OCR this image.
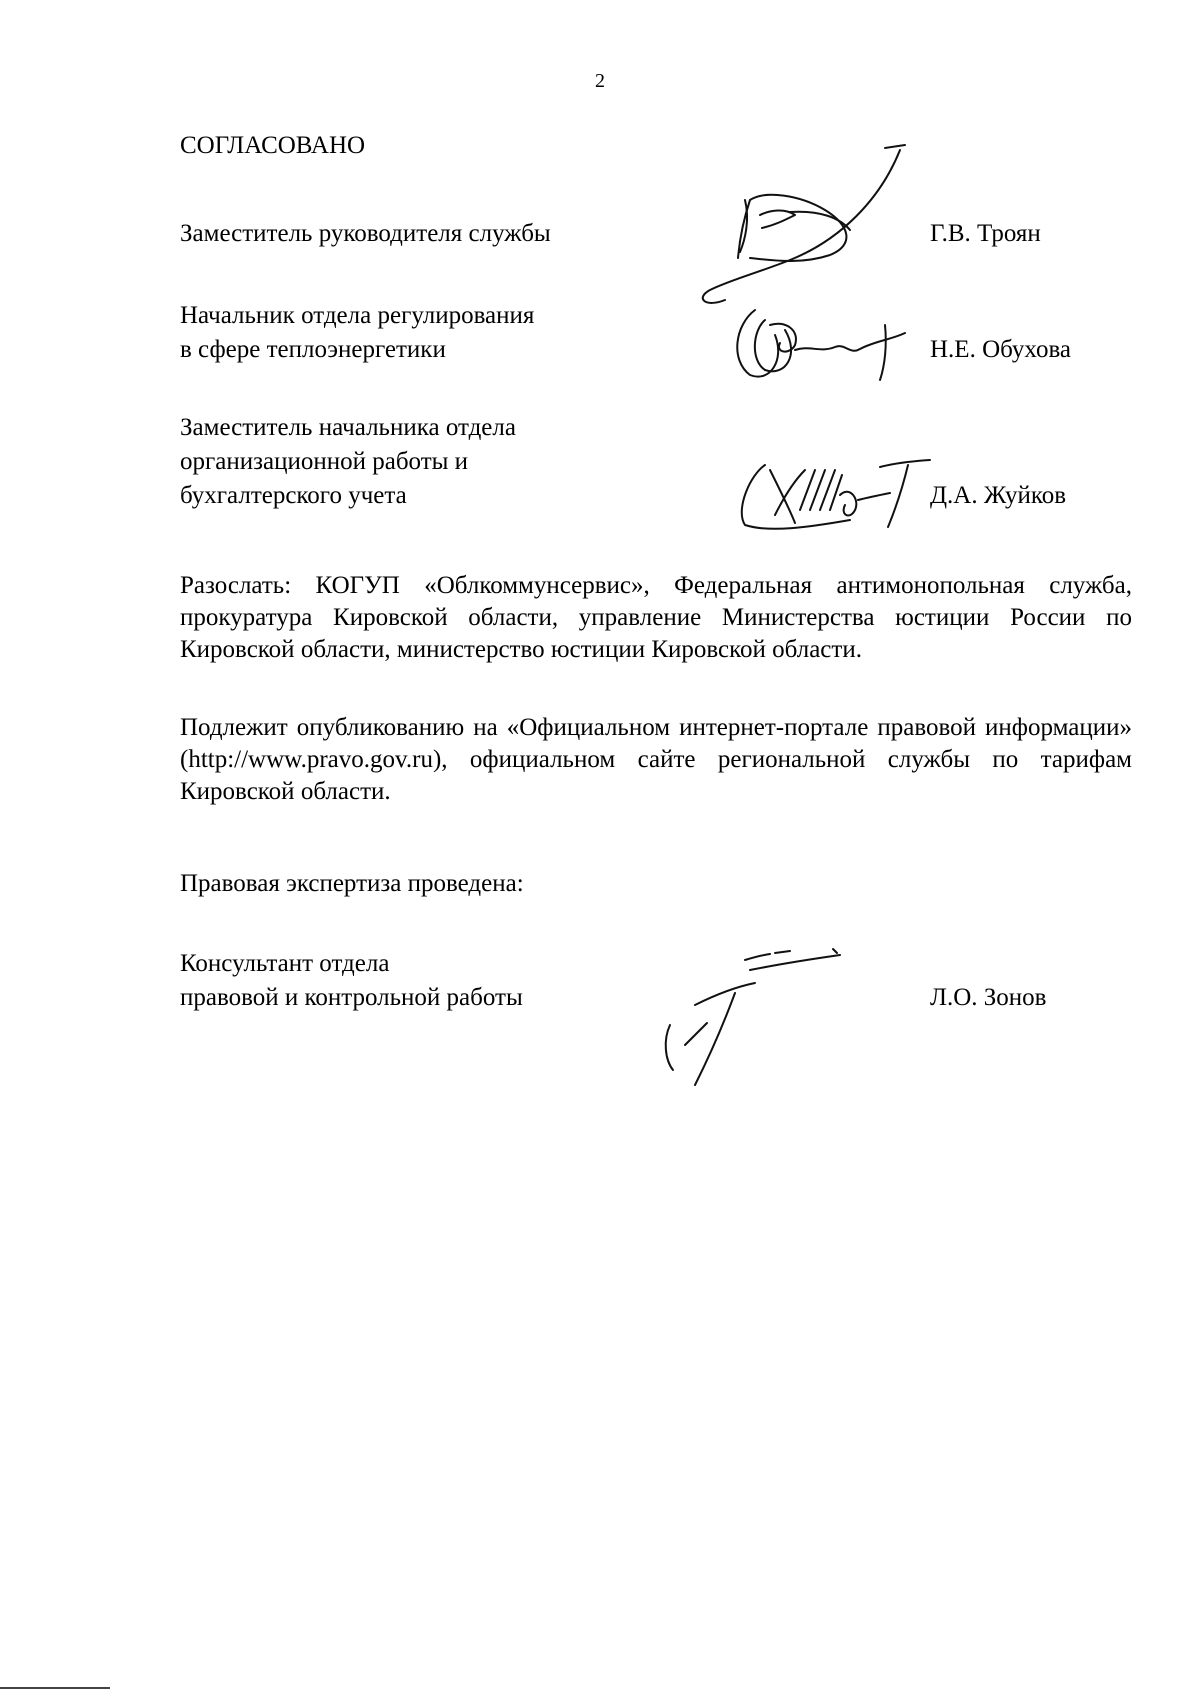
2
СОГЛАСОВАНО
Заместитель руководителя службы	Г.В. Троян
Начальник отдела регулирования
в сфере теплоэнергетики	Н.Е. Обухова
Заместитель начальника отдела
организационной работы и
бухгалтерского учета	Д.А. Жуйков
Разослать: КОГУП «Облкоммунсервис», Федеральная антимонопольная служба, прокуратура Кировской области, управление Министерства юстиции России по Кировской области, министерство юстиции Кировской области.
Подлежит опубликованию на «Официальном интернет-портале правовой информации» (http://www.pravo.gov.ru), официальном сайте региональной службы по тарифам Кировской области.
Правовая экспертиза проведена:
Консультант отдела
правовой и контрольной работы	Л.О. Зонов
